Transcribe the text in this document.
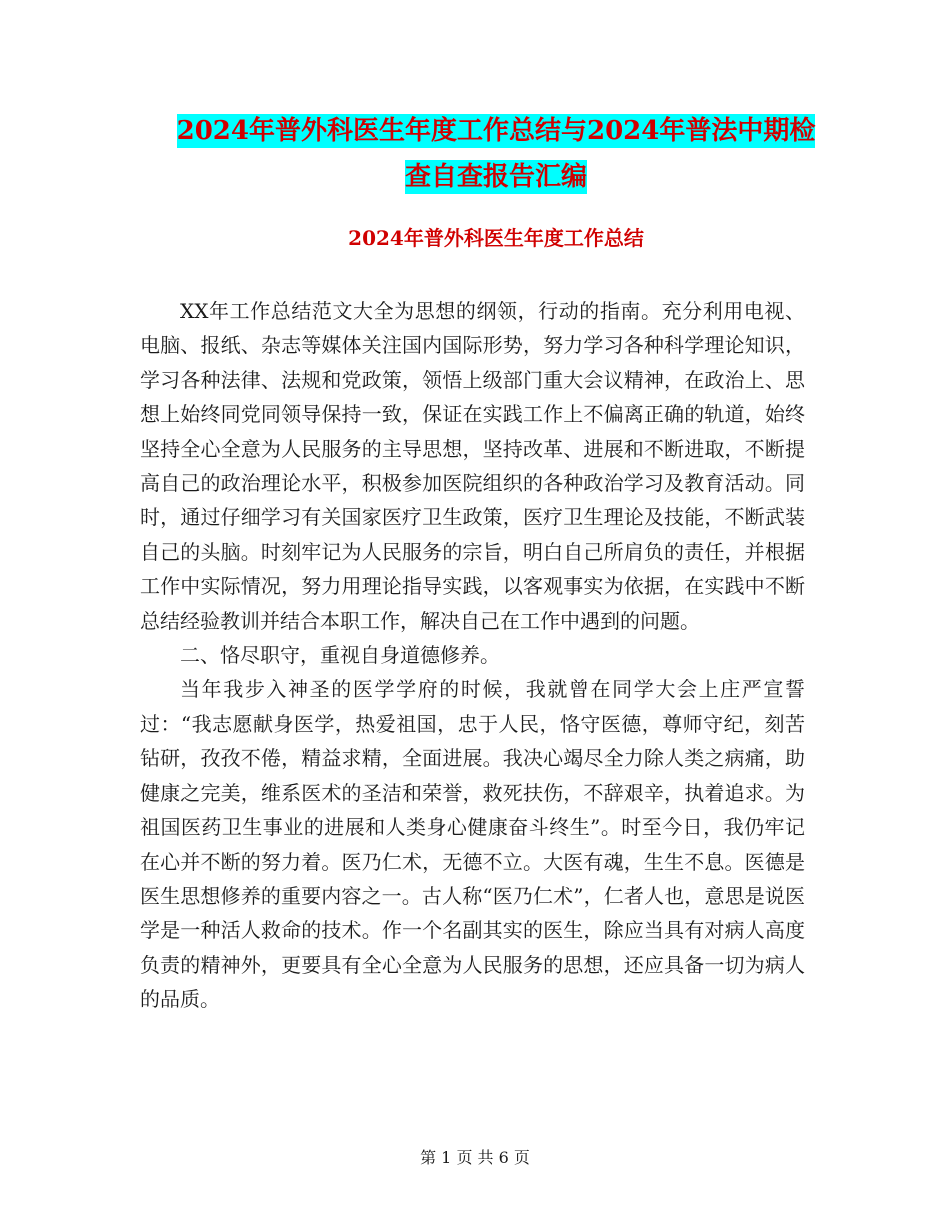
2024年普外科医生年度工作总结与2024年普法中期检
查自查报告汇编
2024年普外科医生年度工作总结

XX年工作总结范文大全为思想的纲领，行动的指南。充分利用电视、电脑、报纸、杂志等媒体关注国内国际形势，努力学习各种科学理论知识，学习各种法律、法规和党政策，领悟上级部门重大会议精神，在政治上、思想上始终同党同领导保持一致，保证在实践工作上不偏离正确的轨道，始终坚持全心全意为人民服务的主导思想，坚持改革、进展和不断进取，不断提高自己的政治理论水平，积极参加医院组织的各种政治学习及教育活动。同时，通过仔细学习有关国家医疗卫生政策，医疗卫生理论及技能，不断武装自己的头脑。时刻牢记为人民服务的宗旨，明白自己所肩负的责任，并根据工作中实际情况，努力用理论指导实践，以客观事实为依据，在实践中不断总结经验教训并结合本职工作，解决自己在工作中遇到的问题。

二、恪尽职守，重视自身道德修养。

当年我步入神圣的医学学府的时候，我就曾在同学大会上庄严宣誓过：“我志愿献身医学，热爱祖国，忠于人民，恪守医德，尊师守纪，刻苦钻研，孜孜不倦，精益求精，全面进展。我决心竭尽全力除人类之病痛，助健康之完美，维系医术的圣洁和荣誉，救死扶伤，不辞艰辛，执着追求。为祖国医药卫生事业的进展和人类身心健康奋斗终生”。时至今日，我仍牢记在心并不断的努力着。医乃仁术，无德不立。大医有魂，生生不息。医德是医生思想修养的重要内容之一。古人称“医乃仁术”，仁者人也，意思是说医学是一种活人救命的技术。作一个名副其实的医生，除应当具有对病人高度负责的精神外，更要具有全心全意为人民服务的思想，还应具备一切为病人的品质。

第 1 页 共 6 页
